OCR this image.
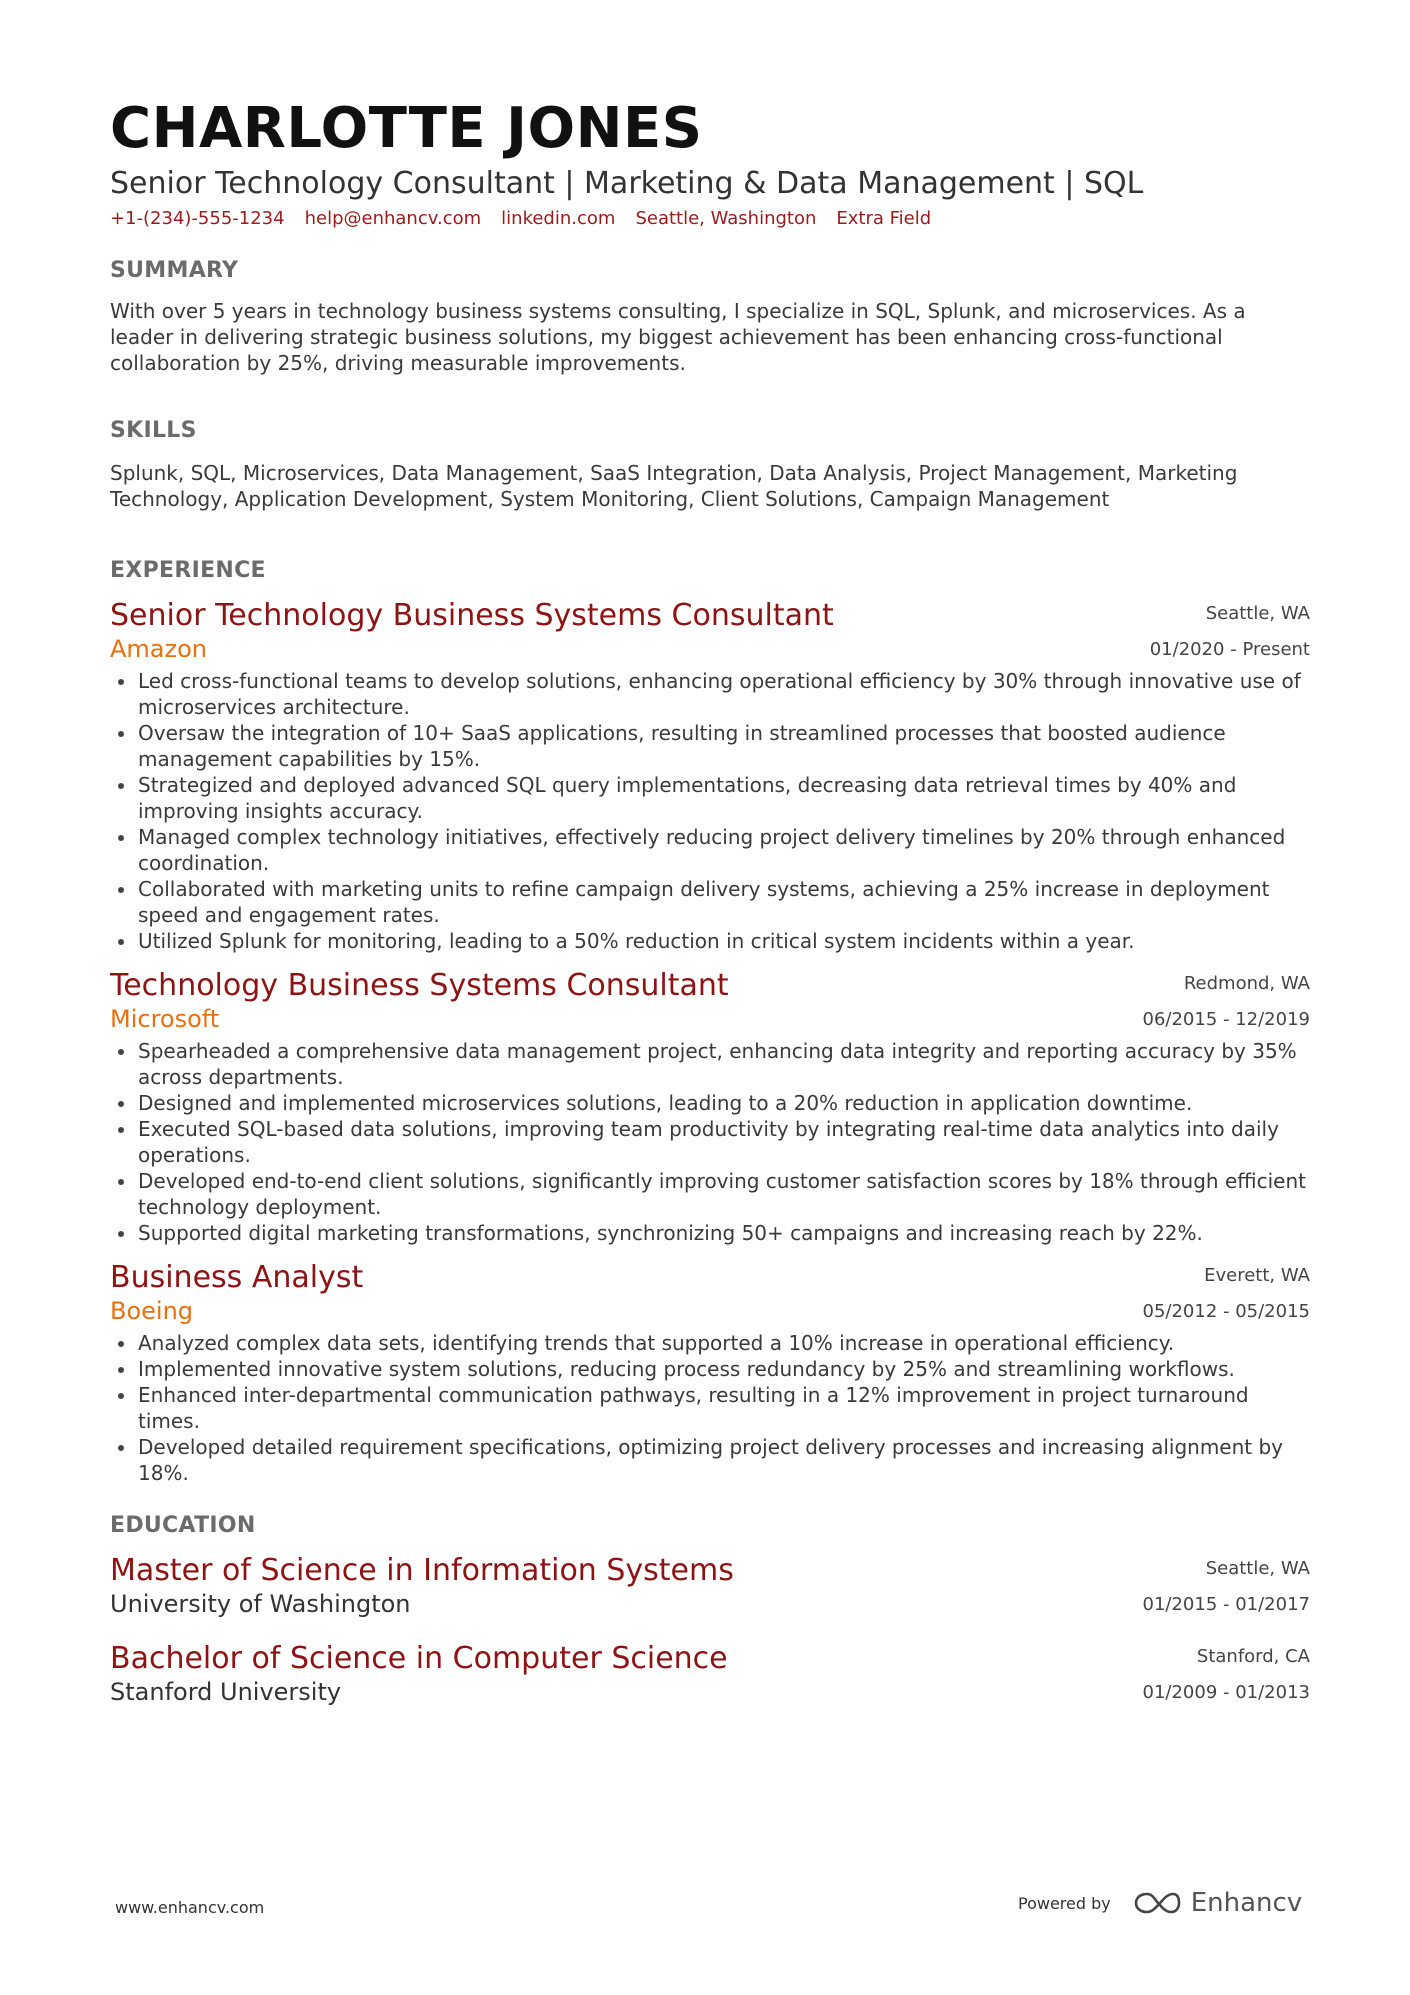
CHARLOTTE JONES
Senior Technology Consultant | Marketing & Data Management | SQL
+1-(234)-555-1234 help@enhancv.com linkedin.com Seattle, Washington Extra Field
SUMMARY

With over 5 years in technology business systems consulting, I specialize in SQL, Splunk, and microservices. As a leader in delivering strategic business solutions, my biggest achievement has been enhancing cross-functional collaboration by 25%, driving measurable improvements.

SKILLS

Splunk, SQL, Microservices, Data Management, SaaS Integration, Data Analysis, Project Management, Marketing Technology, Application Development, System Monitoring, Client Solutions, Campaign Management

EXPERIENCE
Senior Technology Business Systems Consultant
Amazon
Seattle, WA
01/2020 - Present
Led cross-functional teams to develop solutions, enhancing operational efficiency by 30% through innovative use of microservices architecture.
Oversaw the integration of 10+ SaaS applications, resulting in streamlined processes that boosted audience management capabilities by 15%.
Strategized and deployed advanced SQL query implementations, decreasing data retrieval times by 40% and improving insights accuracy.
Managed complex technology initiatives, effectively reducing project delivery timelines by 20% through enhanced coordination.
Collaborated with marketing units to refine campaign delivery systems, achieving a 25% increase in deployment speed and engagement rates.
Utilized Splunk for monitoring, leading to a 50% reduction in critical system incidents within a year.
Technology Business Systems Consultant
Microsoft
Redmond, WA
06/2015 - 12/2019
Spearheaded a comprehensive data management project, enhancing data integrity and reporting accuracy by 35% across departments.
Designed and implemented microservices solutions, leading to a 20% reduction in application downtime.
Executed SQL-based data solutions, improving team productivity by integrating real-time data analytics into daily operations.
Developed end-to-end client solutions, significantly improving customer satisfaction scores by 18% through efficient technology deployment.
Supported digital marketing transformations, synchronizing 50+ campaigns and increasing reach by 22%.
Business Analyst
Boeing
Everett, WA
05/2012 - 05/2015
Analyzed complex data sets, identifying trends that supported a 10% increase in operational efficiency.
Implemented innovative system solutions, reducing process redundancy by 25% and streamlining workflows.
Enhanced inter-departmental communication pathways, resulting in a 12% improvement in project turnaround times.
Developed detailed requirement specifications, optimizing project delivery processes and increasing alignment by 18%.
EDUCATION
Master of Science in Information Systems
University of Washington
Seattle, WA
01/2015 - 01/2017
Bachelor of Science in Computer Science
Stanford University
Stanford, CA
01/2009 - 01/2013
www.enhancv.com	Powered by	Enhancv
